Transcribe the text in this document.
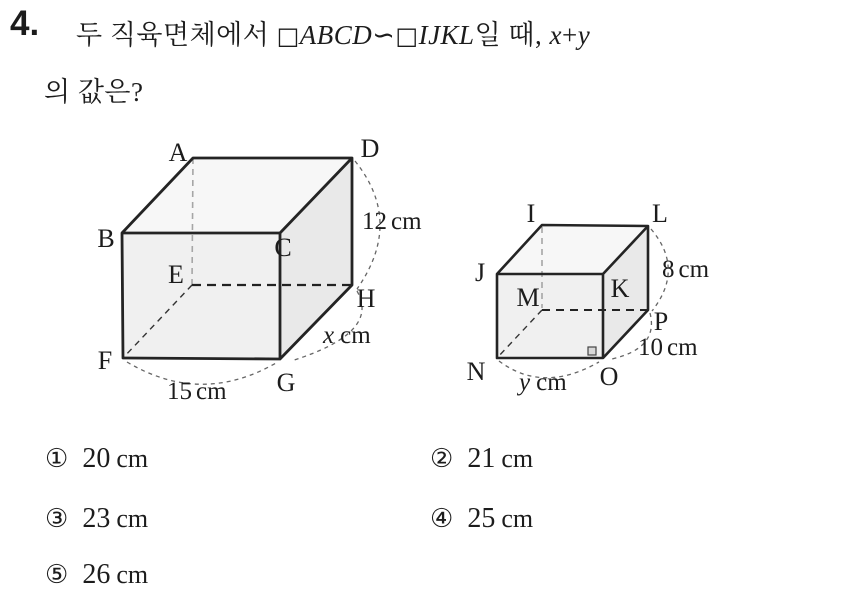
4. 두 직육면체에서 □ABCD∽□IJKL일 때, x+y
의 값은?
A
B	C
D
E
F
G
H
12 cm
x cm
15 cm
I
J
K
L
M
N	O
P
8 cm
10 cm
y cm
① 20 cm	② 21 cm
③ 23 cm	④ 25 cm
⑤ 26 cm
